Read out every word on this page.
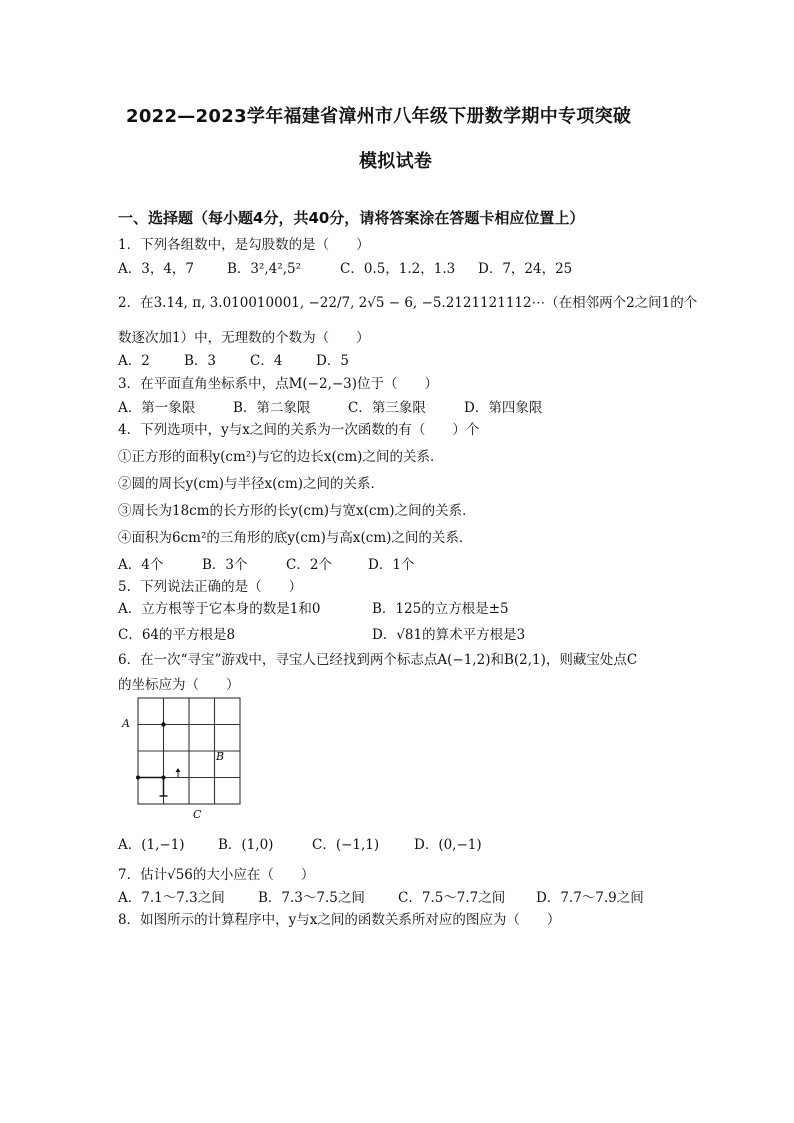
2022—2023学年福建省漳州市八年级下册数学期中专项突破
模拟试卷
一、选择题（每小题4分，共40分，请将答案涂在答题卡相应位置上）
1．下列各组数中，是勾股数的是（　　）
A．3，4，7 B．3²,4²,5²	C．0.5，1.2，1.3 D．7，24，25
2．在3.14, π, 3.010010001, −22/7, 2√5 − 6, −5.2121121112⋯（在相邻两个2之间1的个
数逐次加1）中，无理数的个数为（　　）
A．2	B．3	C．4 D．5
3．在平面直角坐标系中，点M(−2,−3)位于（　　）
A．第一象限	B．第二象限	C．第三象限	D．第四象限
4．下列选项中，y与x之间的关系为一次函数的有（　　）个
①正方形的面积y(cm²)与它的边长x(cm)之间的关系．
②圆的周长y(cm)与半径x(cm)之间的关系．
③周长为18cm的长方形的长y(cm)与宽x(cm)之间的关系．
④面积为6cm²的三角形的底y(cm)与高x(cm)之间的关系．
A．4个	B．3个	C．2个	D．1个
5．下列说法正确的是（　　）
A．立方根等于它本身的数是1和0	B．125的立方根是±5
C．64的平方根是8	D．√81的算术平方根是3
6．在一次“寻宝”游戏中，寻宝人已经找到两个标志点A(−1,2)和B(2,1)，则藏宝处点C
的坐标应为（　　）
A
B
C
A．(1,−1) B．(1,0)	C．(−1,1)	D．(0,−1)
7．估计√56的大小应在（　　）
A．7.1～7.3之间 B．7.3～7.5之间 C．7.5～7.7之间 D．7.7～7.9之间
8．如图所示的计算程序中，y与x之间的函数关系所对应的图应为（　　）
